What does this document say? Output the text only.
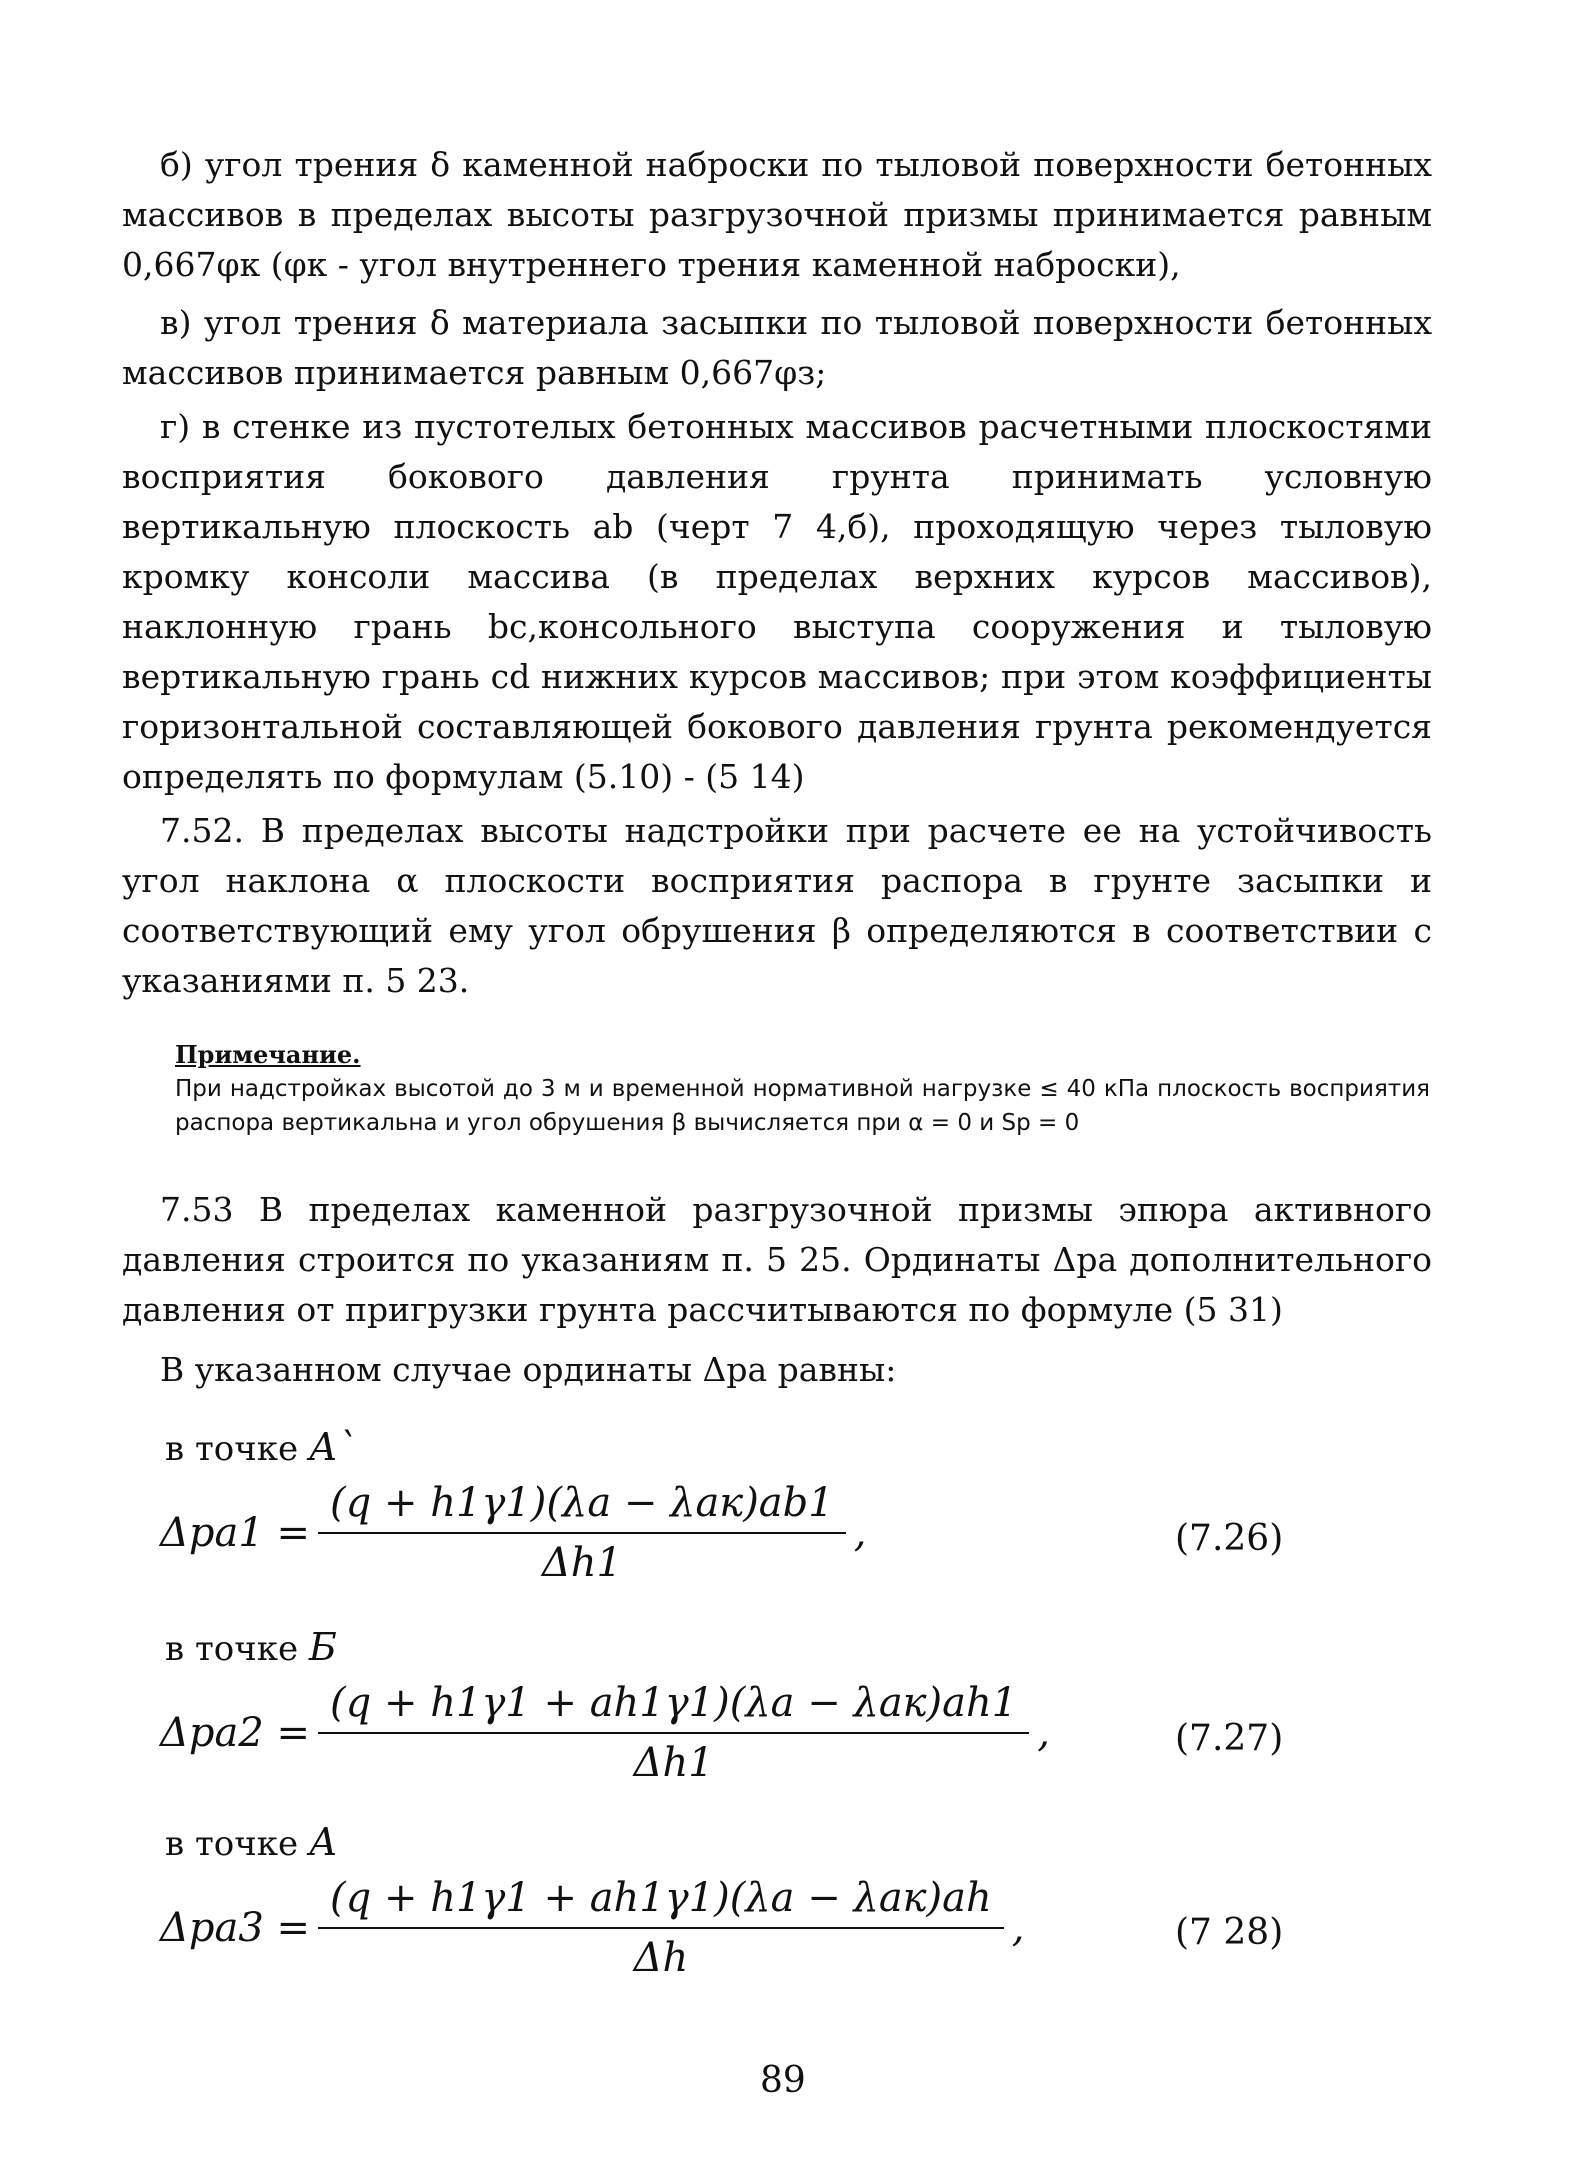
б) угол трения δ каменной наброски по тыловой поверхности бетонных массивов в пределах высоты разгрузочной призмы принимается равным 0,667φк (φк - угол внутреннего трения каменной наброски),

в) угол трения δ материала засыпки по тыловой поверхности бетонных массивов принимается равным 0,667φз;

г) в стенке из пустотелых бетонных массивов расчетными плоскостями восприятия бокового давления грунта принимать условную вертикальную плоскость ab (черт 7 4,б), проходящую через тыловую кромку консоли массива (в пределах верхних курсов массивов), наклонную грань bc,консольного выступа сооружения и тыловую вертикальную грань cd нижних курсов массивов; при этом коэффициенты горизонтальной составляющей бокового давления грунта рекомендуется определять по формулам (5.10) - (5 14)

7.52. В пределах высоты надстройки при расчете ее на устойчивость угол наклона α плоскости восприятия распора в грунте засыпки и соответствующий ему угол обрушения β определяются в соответствии с указаниями п. 5 23.

Примечание.
При надстройках высотой до 3 м и временной нормативной нагрузке ≤ 40 кПа плоскость восприятия распора вертикальна и угол обрушения β вычисляется при α = 0 и Sр = 0

7.53 В пределах каменной разгрузочной призмы эпюра активного давления строится по указаниям п. 5 25. Ординаты Δpа дополнительного давления от пригрузки грунта рассчитываются по формуле (5 31)

В указанном случае ординаты Δpа равны:

в точке А`
$\Delta pа1 = \frac{\text{(q + h1γ1)(λа − λак)аb1}}{\Delta h1}$ ,	(7.26)
в точке Б
$\Delta pа2 = \frac{\text{(q + h1γ1 + аh1γ1)(λа − λак)аh1}}{\Delta h1}$ ,	(7.27)
в точке А
$\Delta pа3 = \frac{\text{(q + h1γ1 + аh1γ1)(λа − λак)аh}}{\Delta h}$ ,	(7 28)
89
